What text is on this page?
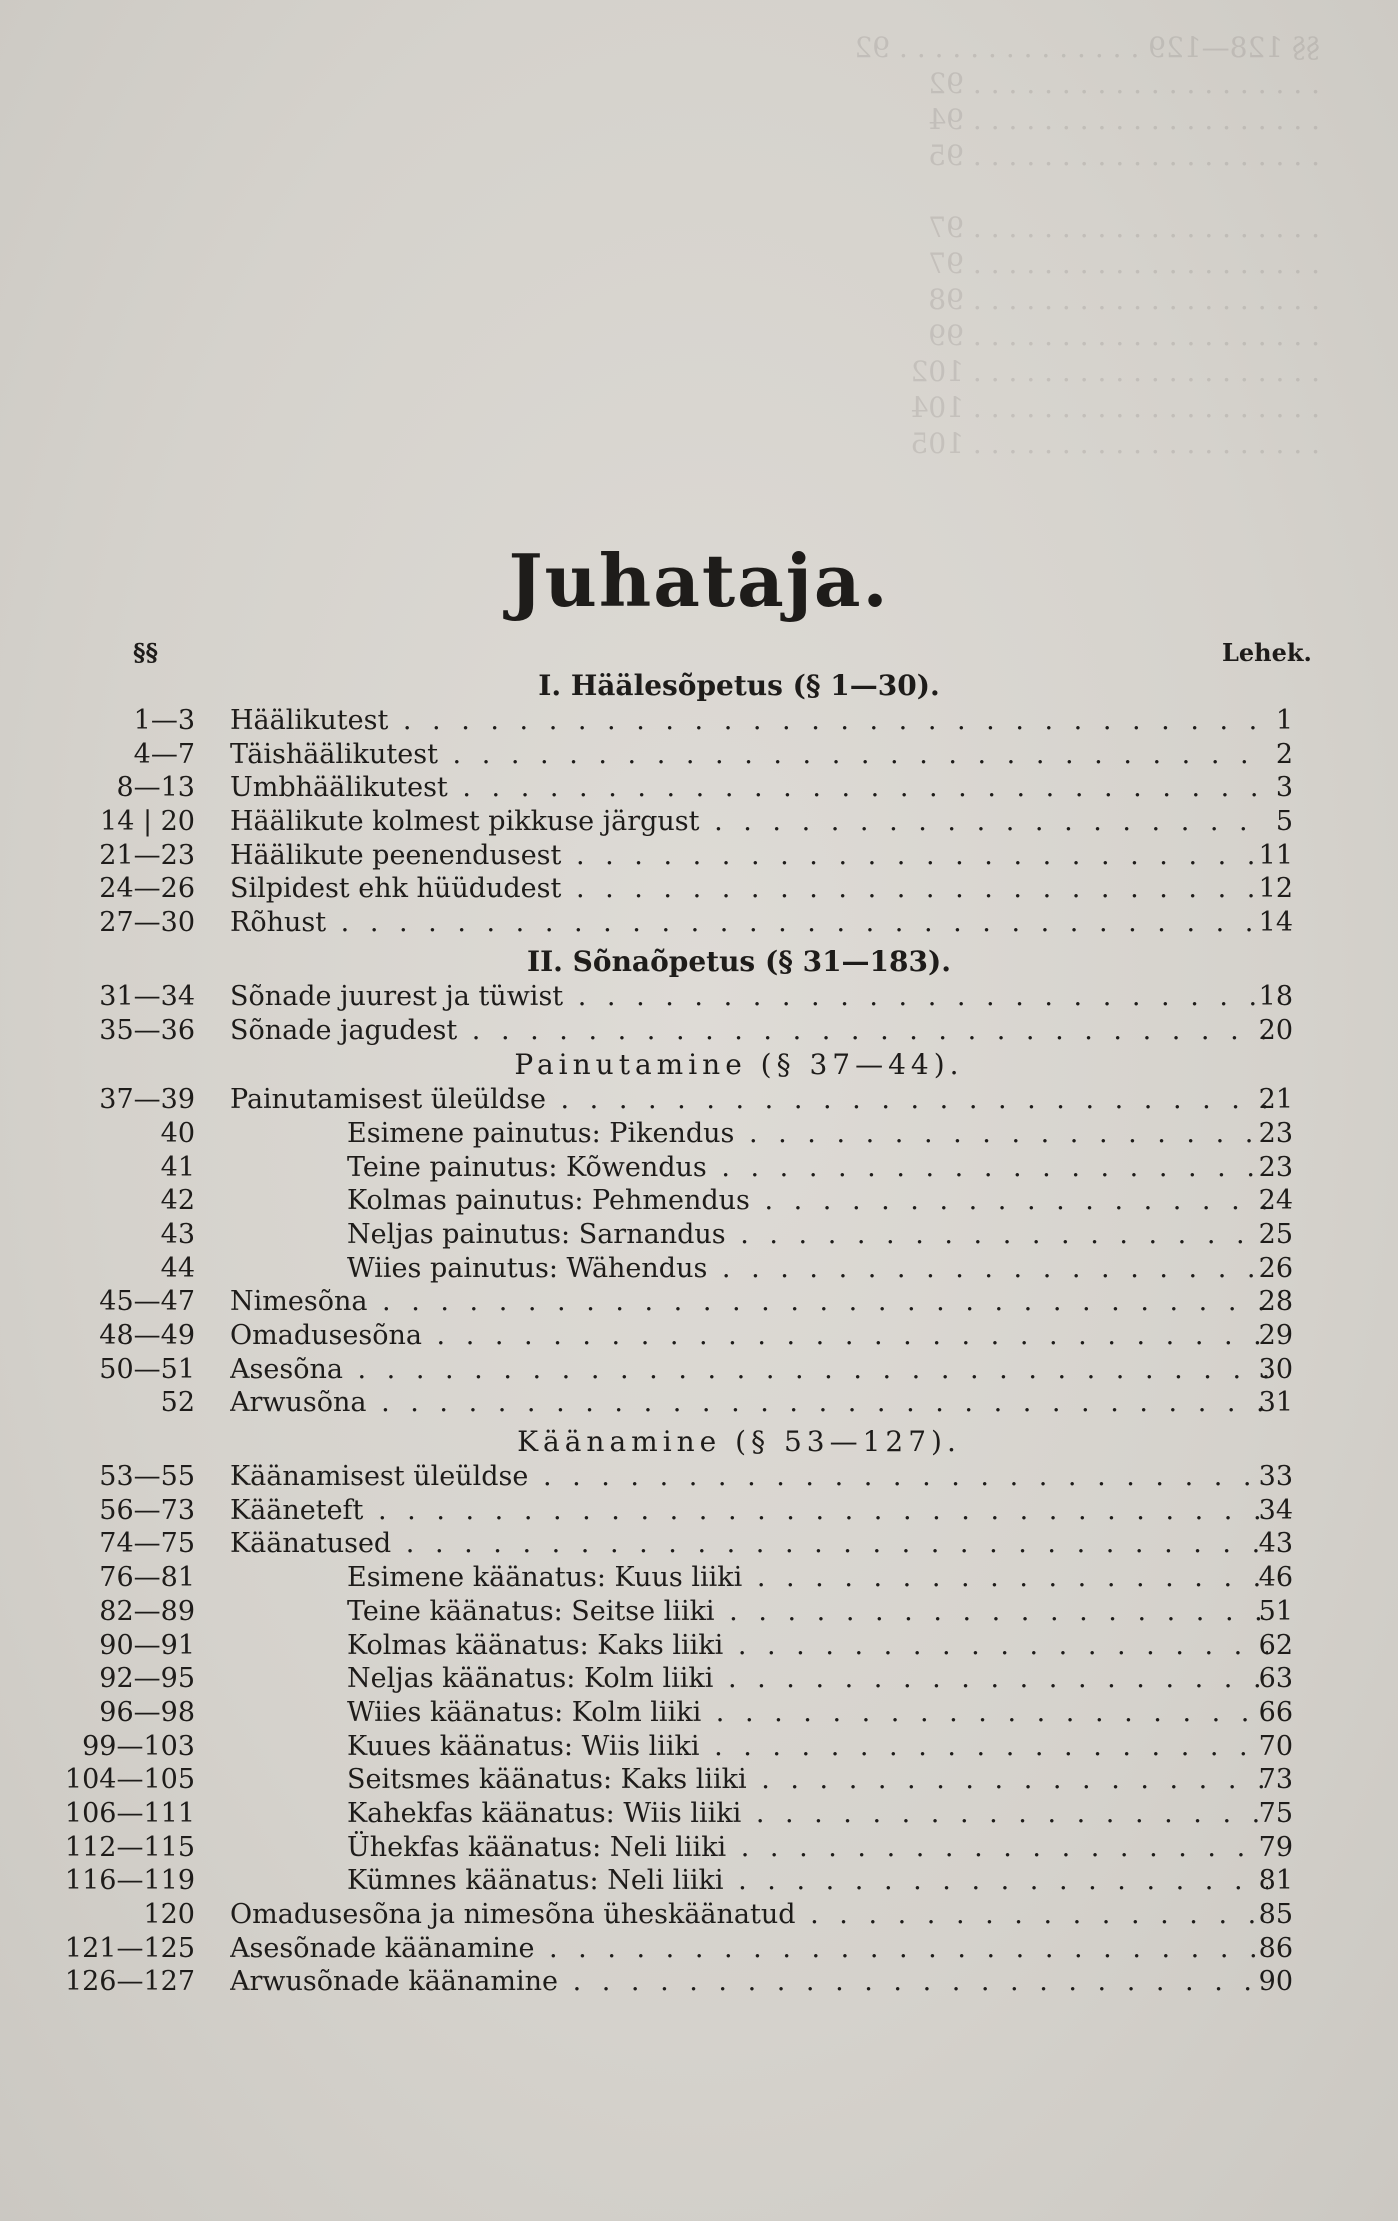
§§ 128—129 . . . . . . . . . . . . . . 92
. . . . . . . . . . . . . . . . . . . . 92
. . . . . . . . . . . . . . . . . . . . 94
. . . . . . . . . . . . . . . . . . . . 95

. . . . . . . . . . . . . . . . . . . . 97
. . . . . . . . . . . . . . . . . . . . 97
. . . . . . . . . . . . . . . . . . . . 98
. . . . . . . . . . . . . . . . . . . . 99
. . . . . . . . . . . . . . . . . . . . 102
. . . . . . . . . . . . . . . . . . . . 104
. . . . . . . . . . . . . . . . . . . . 105
Juhataja.
§§	Lehek.
I. Häälesõpetus (§ 1—30).
1—3 Häälikutest . . .	1
4—7 Täishäälikutest . . .	2
8—13 Umbhäälikutest . . .	3
14 | 20 Häälikute kolmest pikkuse järgust . . .	5
21—23 Häälikute peenendusest . . .	11
24—26 Silpidest ehk hüüdudest . . .	12
27—30 Rõhust . . .	14
II. Sõnaõpetus (§ 31—183).
31—34 Sõnade juurest ja tüwist . . .	18
35—36 Sõnade jagudest . . .	20
Painutamine (§ 37—44).
37—39 Painutamisest üleüldse . . .	21
40	Esimene painutus: Pikendus . . .	23
41	Teine painutus: Kõwendus . . .	23
42	Kolmas painutus: Pehmendus . . .	24
43	Neljas painutus: Sarnandus . . .	25
44	Wiies painutus: Wähendus . . .	26
45—47 Nimesõna . . .	28
48—49 Omadusesõna . . .	29
50—51 Asesõna . . .	30
52 Arwusõna . . .	31
Käänamine (§ 53—127).
53—55 Käänamisest üleüldse . . .	33
56—73 Kääneteft . . .	34
74—75 Käänatused . . .	43
76—81	Esimene käänatus: Kuus liiki . . .	46
82—89	Teine käänatus: Seitse liiki . . .	51
90—91	Kolmas käänatus: Kaks liiki . . .	62
92—95	Neljas käänatus: Kolm liiki . . .	63
96—98	Wiies käänatus: Kolm liiki . . .	66
99—103	Kuues käänatus: Wiis liiki . . .	70
104—105	Seitsmes käänatus: Kaks liiki . . .	73
106—111	Kahekfas käänatus: Wiis liiki . . .	75
112—115	Ühekfas käänatus: Neli liiki . . .	79
116—119	Kümnes käänatus: Neli liiki . . .	81
120 Omadusesõna ja nimesõna üheskäänatud . . .	85
121—125 Asesõnade käänamine . . .	86
126—127 Arwusõnade käänamine . . .	90
